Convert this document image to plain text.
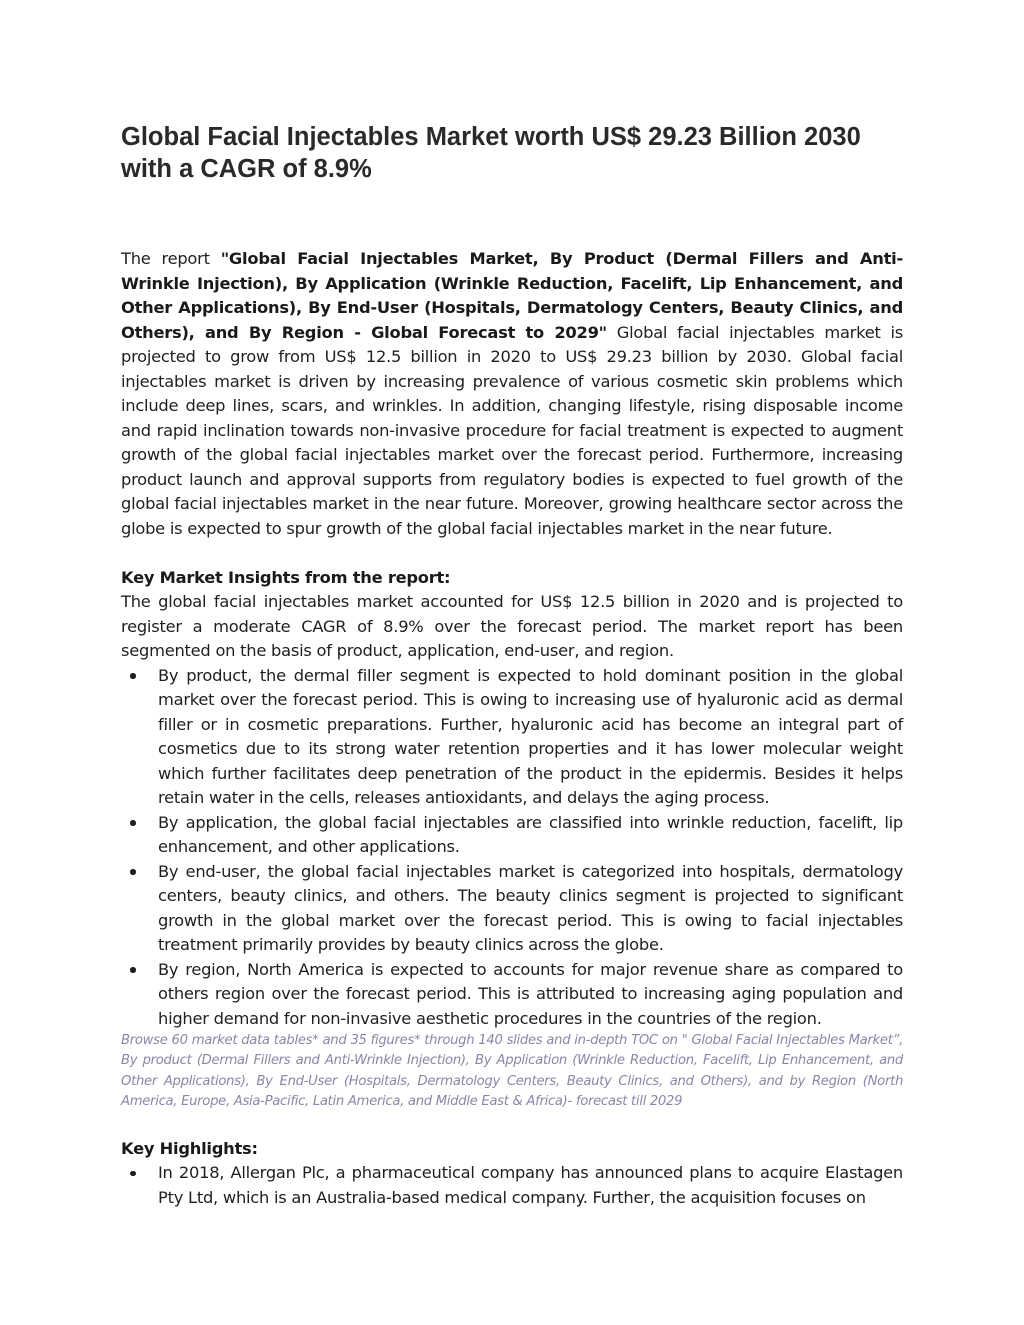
Global Facial Injectables Market worth US$ 29.23 Billion 2030 with a CAGR of 8.9%

The report "Global Facial Injectables Market, By Product (Dermal Fillers and Anti-Wrinkle Injection), By Application (Wrinkle Reduction, Facelift, Lip Enhancement, and Other Applications), By End-User (Hospitals, Dermatology Centers, Beauty Clinics, and Others), and By Region - Global Forecast to 2029" Global facial injectables market is projected to grow from US$ 12.5 billion in 2020 to US$ 29.23 billion by 2030. Global facial injectables market is driven by increasing prevalence of various cosmetic skin problems which include deep lines, scars, and wrinkles. In addition, changing lifestyle, rising disposable income and rapid inclination towards non-invasive procedure for facial treatment is expected to augment growth of the global facial injectables market over the forecast period. Furthermore, increasing product launch and approval supports from regulatory bodies is expected to fuel growth of the global facial injectables market in the near future. Moreover, growing healthcare sector across the globe is expected to spur growth of the global facial injectables market in the near future.

Key Market Insights from the report:
The global facial injectables market accounted for US$ 12.5 billion in 2020 and is projected to register a moderate CAGR of 8.9% over the forecast period. The market report has been segmented on the basis of product, application, end-user, and region.
By product, the dermal filler segment is expected to hold dominant position in the global market over the forecast period. This is owing to increasing use of hyaluronic acid as dermal filler or in cosmetic preparations. Further, hyaluronic acid has become an integral part of cosmetics due to its strong water retention properties and it has lower molecular weight which further facilitates deep penetration of the product in the epidermis. Besides it helps retain water in the cells, releases antioxidants, and delays the aging process.
By application, the global facial injectables are classified into wrinkle reduction, facelift, lip enhancement, and other applications.
By end-user, the global facial injectables market is categorized into hospitals, dermatology centers, beauty clinics, and others. The beauty clinics segment is projected to significant growth in the global market over the forecast period. This is owing to facial injectables treatment primarily provides by beauty clinics across the globe.
By region, North America is expected to accounts for major revenue share as compared to others region over the forecast period. This is attributed to increasing aging population and higher demand for non-invasive aesthetic procedures in the countries of the region.
Browse 60 market data tables* and 35 figures* through 140 slides and in-depth TOC on " Global Facial Injectables Market”, By product (Dermal Fillers and Anti-Wrinkle Injection), By Application (Wrinkle Reduction, Facelift, Lip Enhancement, and Other Applications), By End-User (Hospitals, Dermatology Centers, Beauty Clinics, and Others), and by Region (North America, Europe, Asia-Pacific, Latin America, and Middle East & Africa)- forecast till 2029
Key Highlights:
In 2018, Allergan Plc, a pharmaceutical company has announced plans to acquire Elastagen Pty Ltd, which is an Australia-based medical company. Further, the acquisition focuses on
